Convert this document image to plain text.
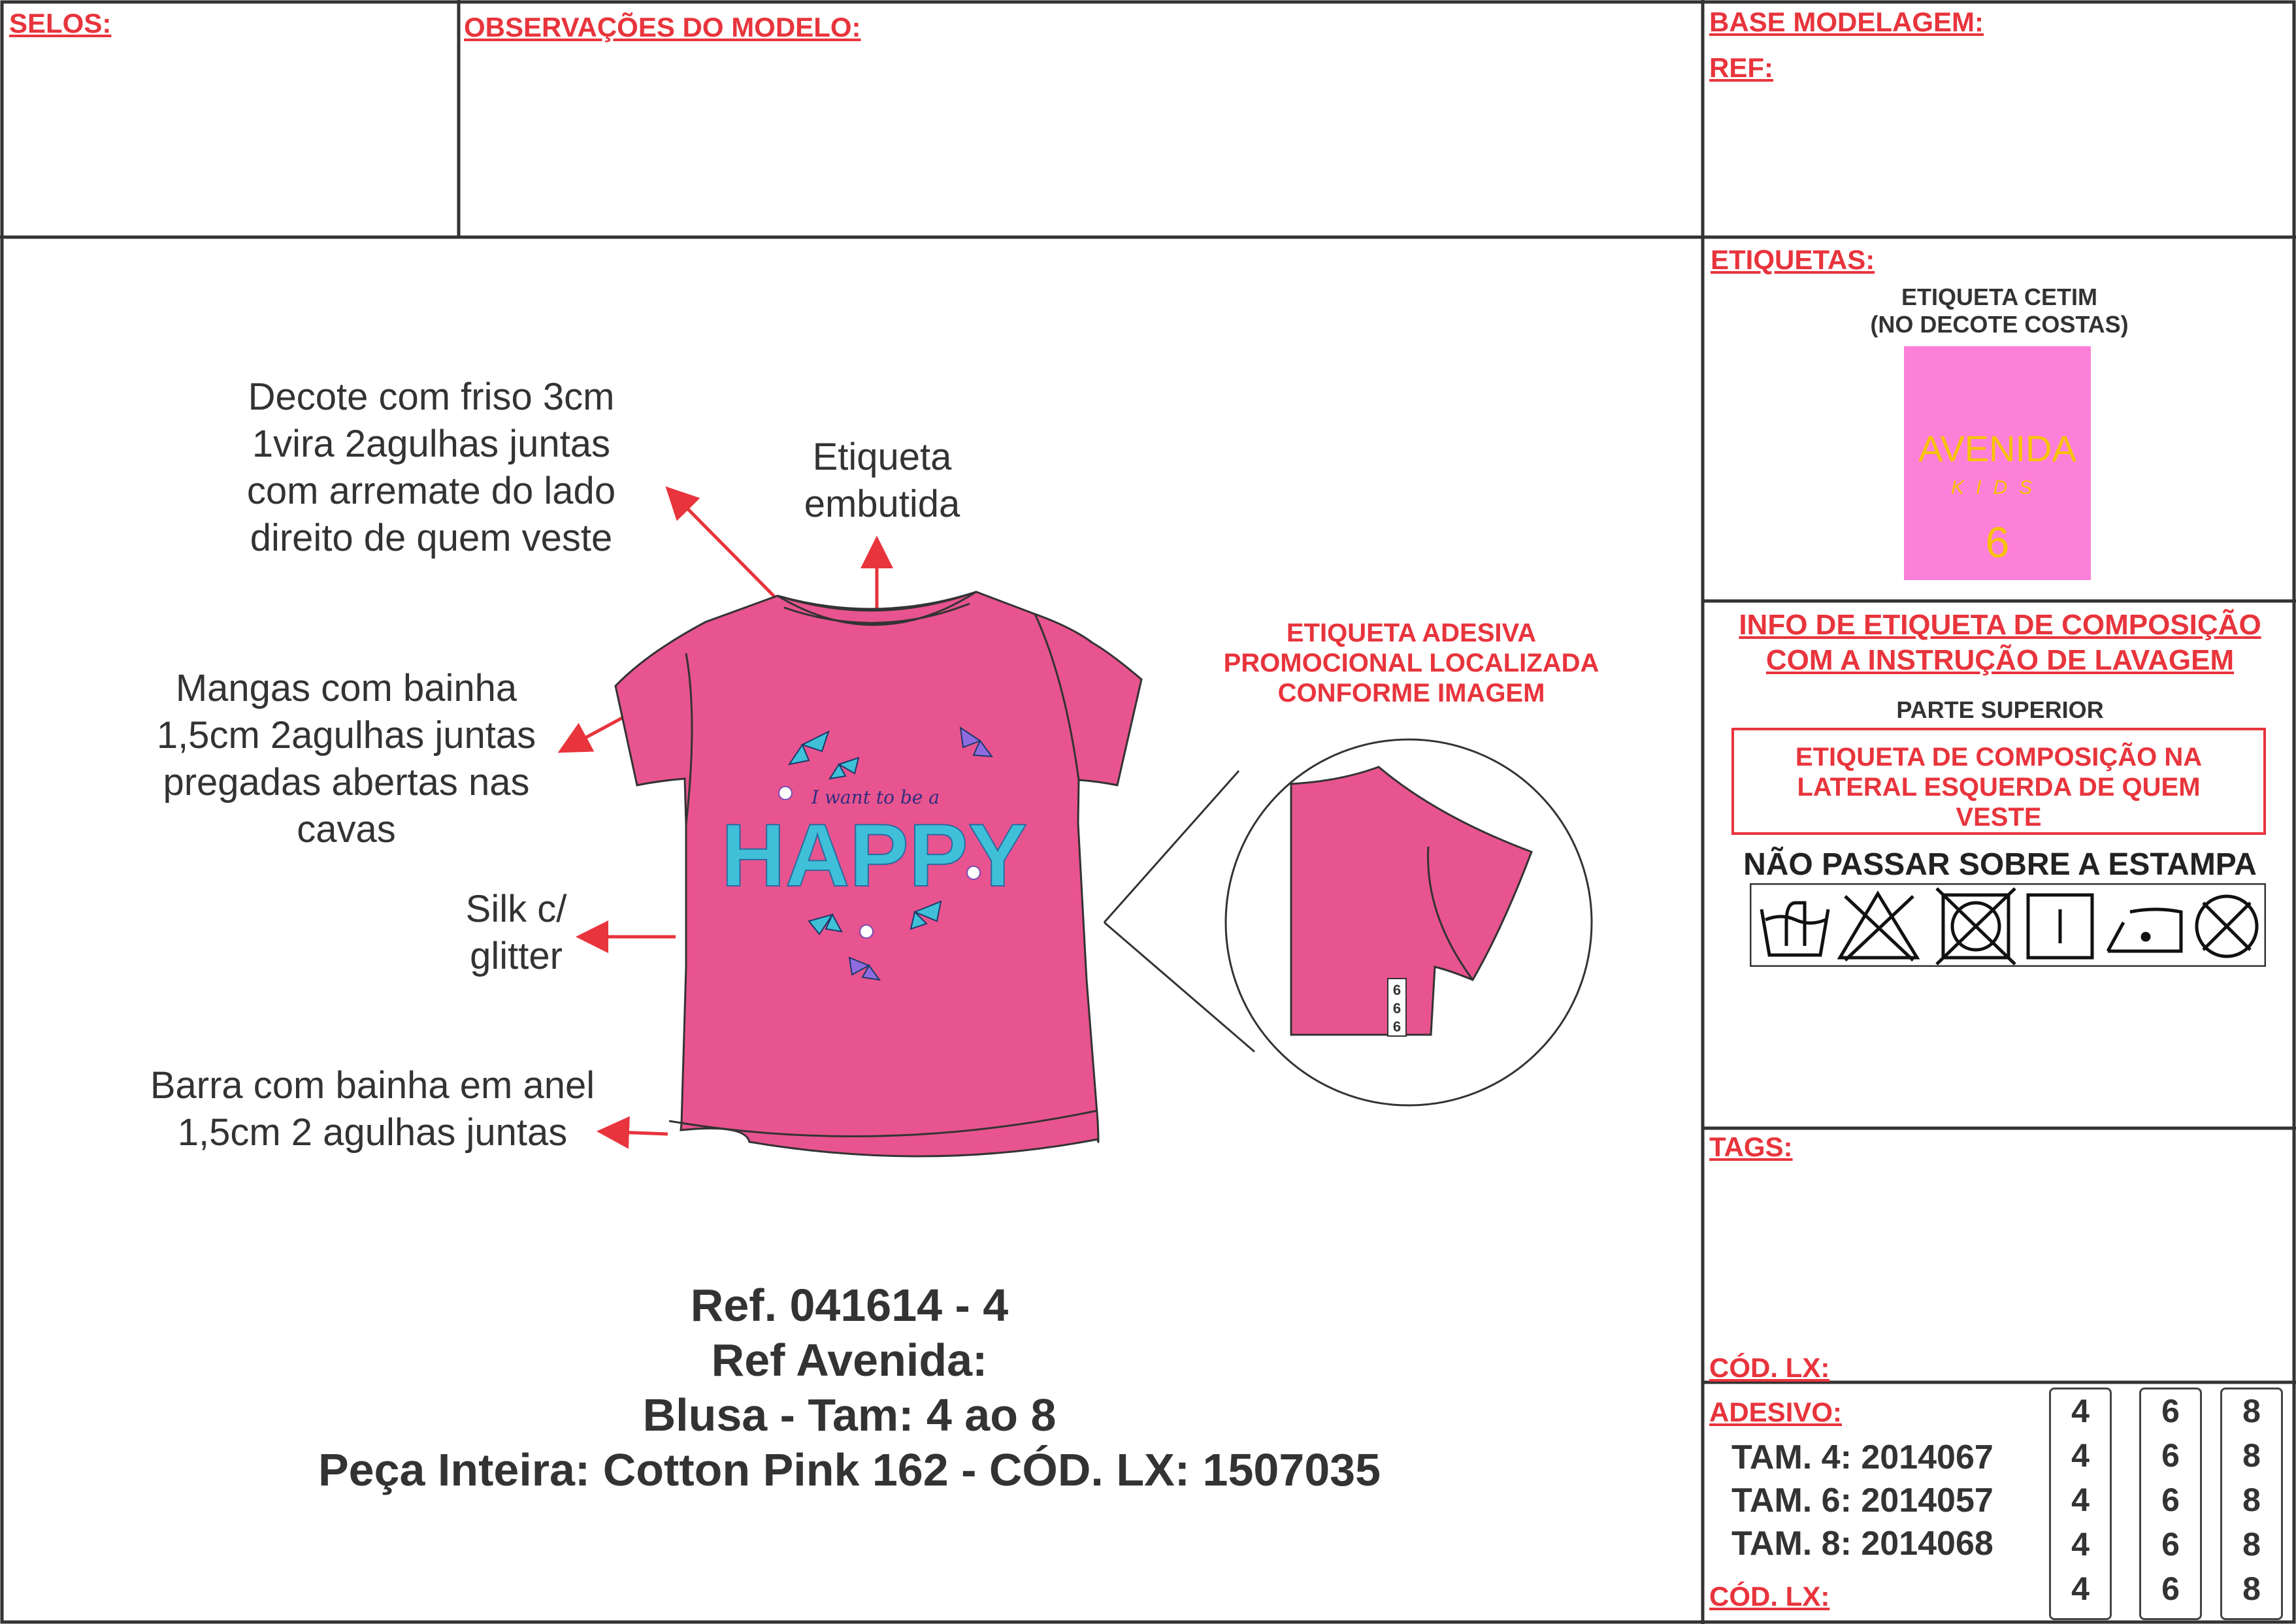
SELOS:	OBSERVAÇÕES DO MODELO:	BASE MODELAGEM:
REF:
Decote com friso 3cm
1vira 2agulhas juntas
com arremate do lado
direito de quem veste
Etiqueta
embutida
Mangas com bainha
1,5cm 2agulhas juntas
pregadas abertas nas
cavas
Silk c/
glitter
Barra com bainha em anel
1,5cm 2 agulhas juntas
ETIQUETA ADESIVA
PROMOCIONAL LOCALIZADA
CONFORME IMAGEM
I want to be a
HAPPY
6
6
6
Ref. 041614 - 4
Ref Avenida:
Blusa - Tam: 4 ao 8
Peça Inteira: Cotton Pink 162 - CÓD. LX: 1507035
ETIQUETAS:
ETIQUETA CETIM
(NO DECOTE COSTAS)
AVENIDA
KIDS
6
INFO DE ETIQUETA DE COMPOSIÇÃO
COM A INSTRUÇÃO DE LAVAGEM
PARTE SUPERIOR
ETIQUETA DE COMPOSIÇÃO NA
LATERAL ESQUERDA DE QUEM
VESTE
NÃO PASSAR SOBRE A ESTAMPA
TAGS:
CÓD. LX:
ADESIVO:
TAM. 4: 2014067
TAM. 6: 2014057
TAM. 8: 2014068
CÓD. LX:
4
4
4
4
4
6
6
6
6
6
8
8
8
8
8
